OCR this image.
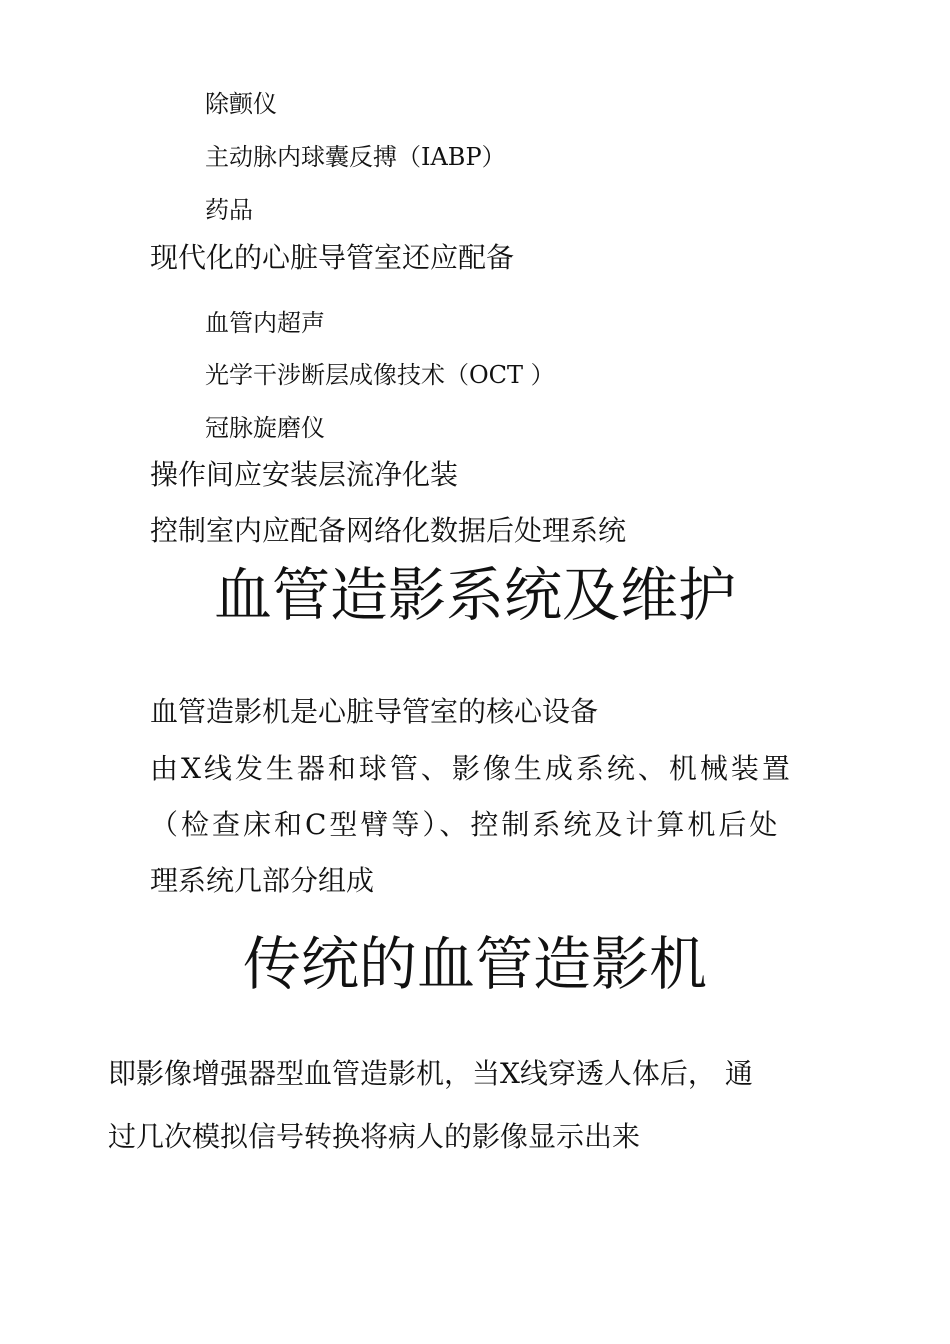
除颤仪
主动脉内球囊反搏（IABP）
药品
现代化的心脏导管室还应配备
血管内超声
光学干涉断层成像技术（OCT ）
冠脉旋磨仪
操作间应安装层流净化装
控制室内应配备网络化数据后处理系统
血管造影系统及维护
血管造影机是心脏导管室的核心设备
由X线发生器和球管、影像生成系统、机械装置
（检查床和C型臂等）、控制系统及计算机后处
理系统几部分组成
传统的血管造影机
即影像增强器型血管造影机，当X线穿透人体后， 通
过几次模拟信号转换将病人的影像显示出来
